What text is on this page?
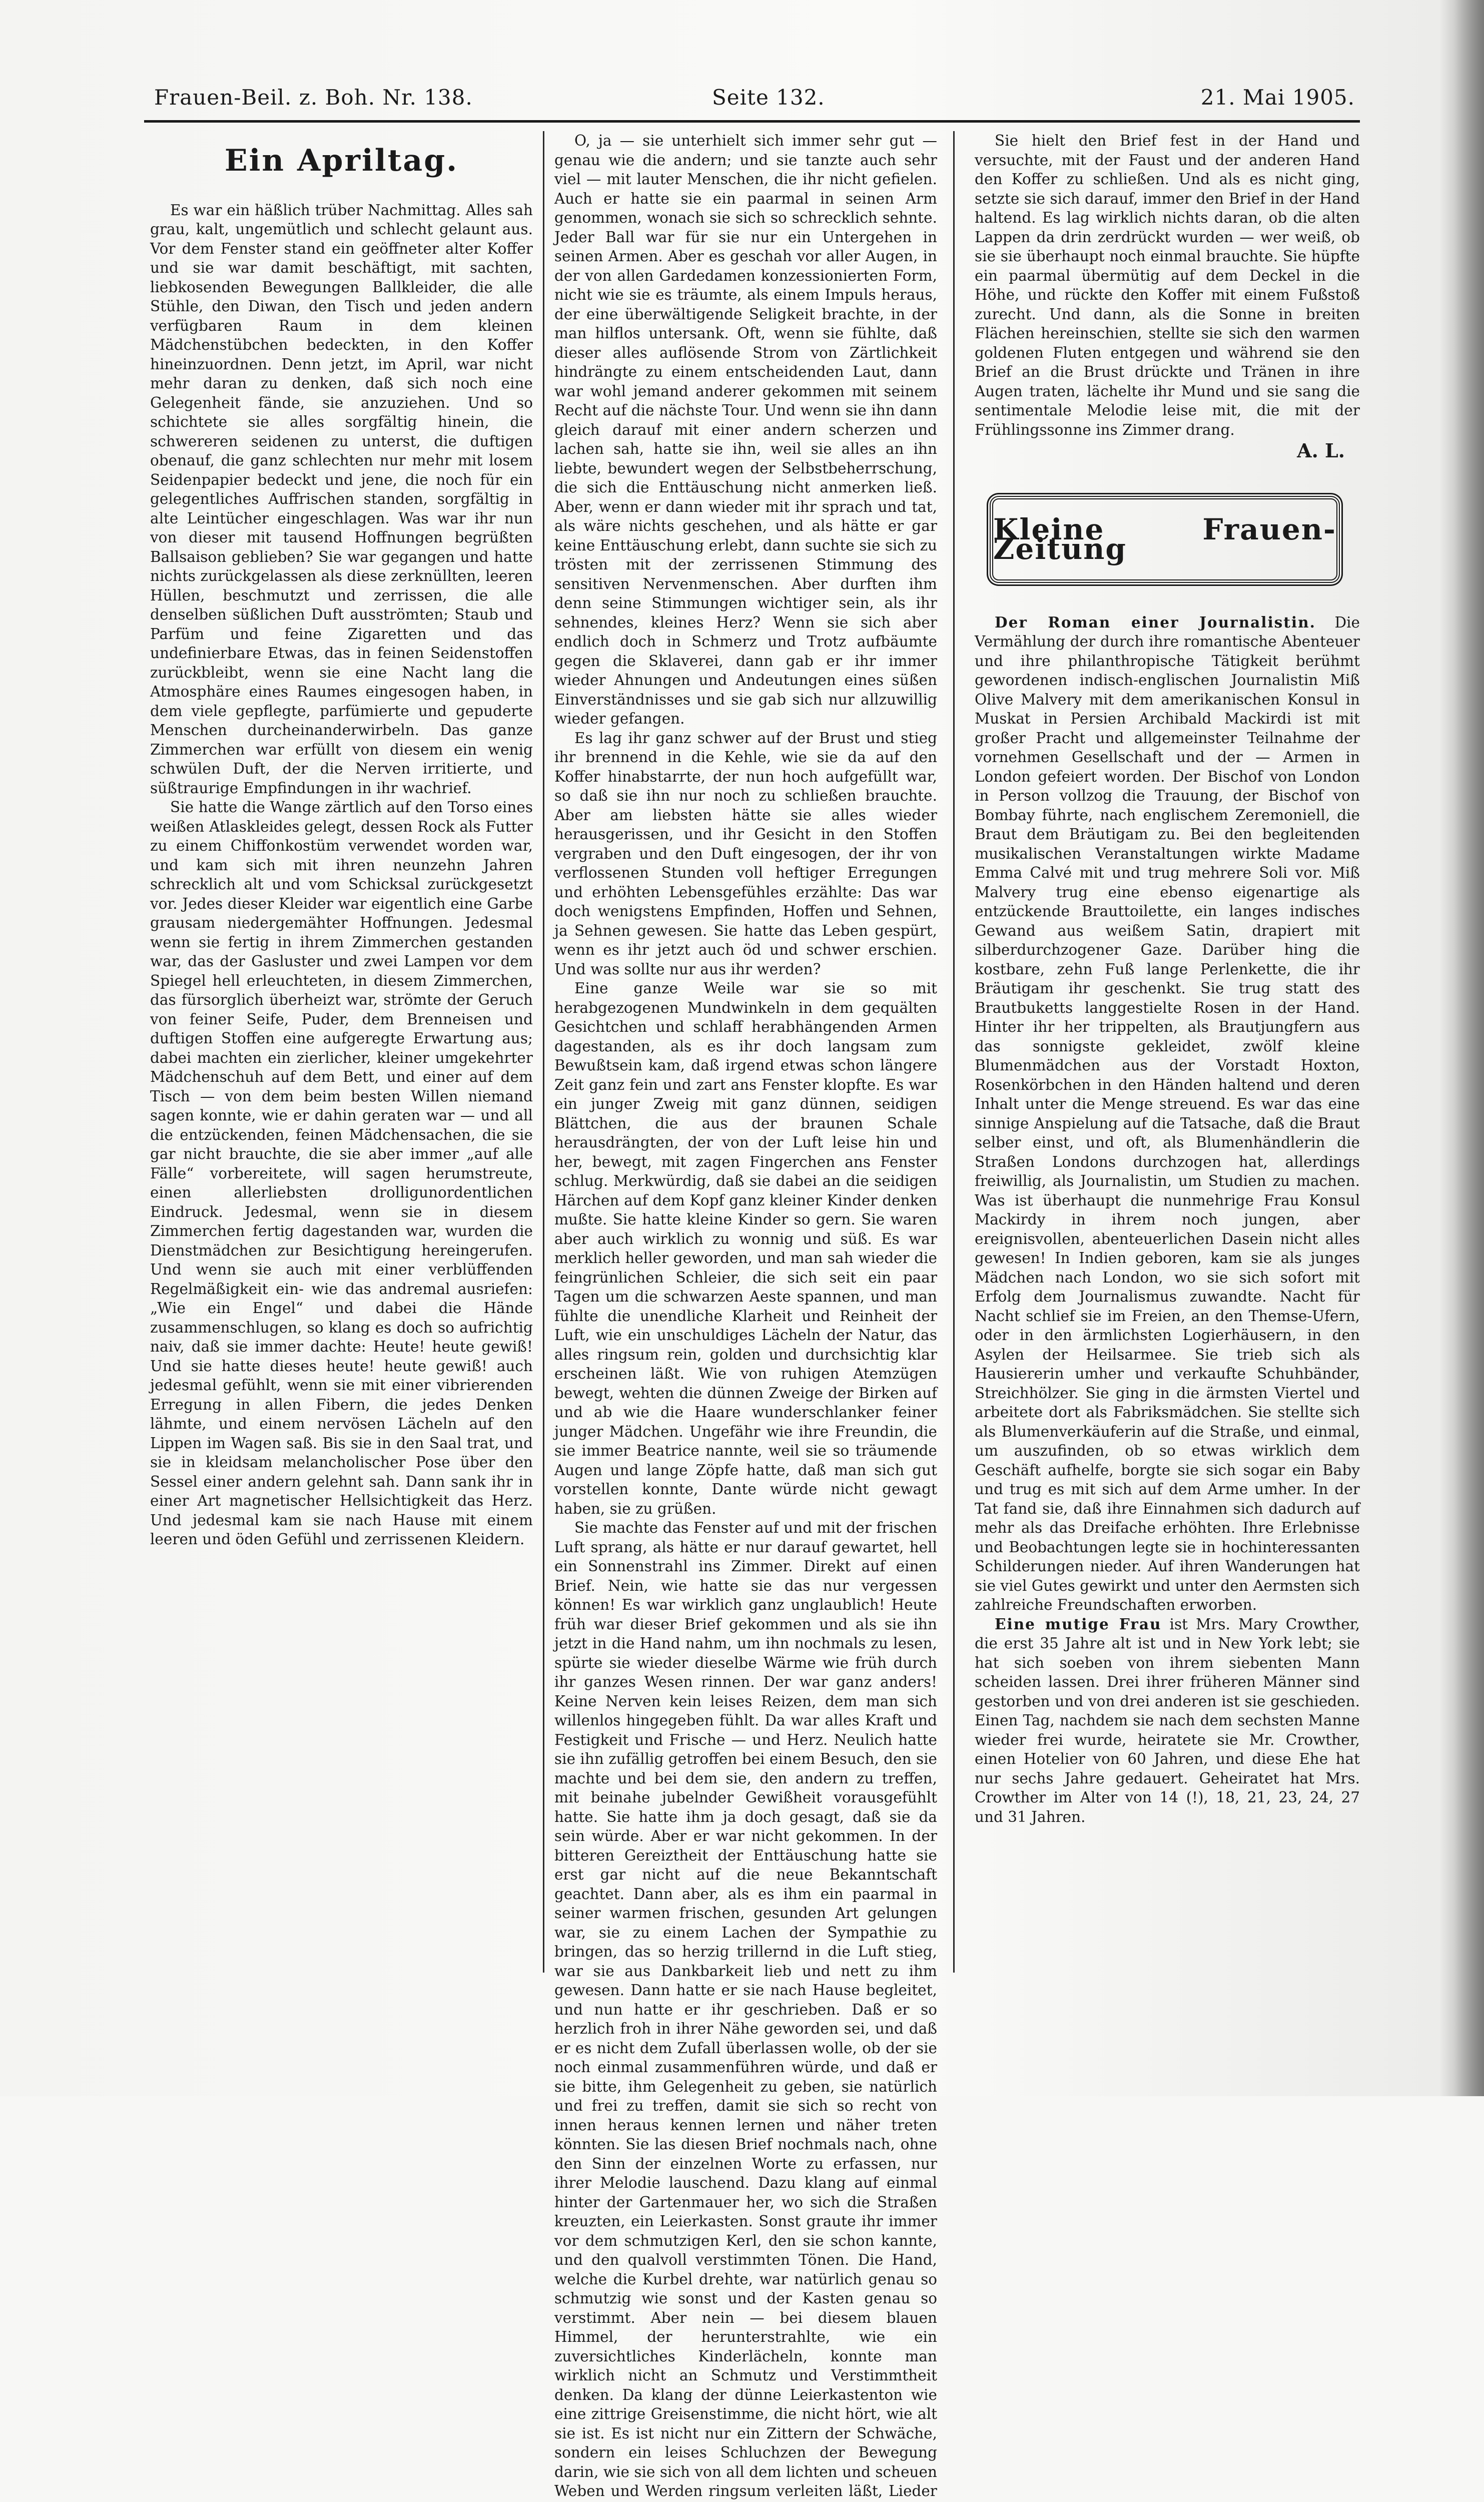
Frauen-Beil. z. Boh. Nr. 138.	Seite 132.	21. Mai 1905.
Ein Apriltag.

Es war ein häßlich trüber Nachmittag. Alles sah grau, kalt, ungemütlich und schlecht gelaunt aus. Vor dem Fenster stand ein geöffneter alter Koffer und sie war damit beschäftigt, mit sachten, liebkosenden Bewegungen Ballkleider, die alle Stühle, den Diwan, den Tisch und jeden andern verfügbaren Raum in dem kleinen Mädchenstübchen bedeckten, in den Koffer hineinzuordnen. Denn jetzt, im April, war nicht mehr daran zu denken, daß sich noch eine Gelegenheit fände, sie anzuziehen. Und so schichtete sie alles sorgfältig hinein, die schwereren seidenen zu unterst, die duftigen obenauf, die ganz schlechten nur mehr mit losem Seidenpapier bedeckt und jene, die noch für ein gelegentliches Auffrischen standen, sorgfältig in alte Leintücher eingeschlagen. Was war ihr nun von dieser mit tausend Hoffnungen begrüßten Ballsaison geblieben? Sie war gegangen und hatte nichts zurückgelassen als diese zerknüllten, leeren Hüllen, beschmutzt und zerrissen, die alle denselben süßlichen Duft ausströmten; Staub und Parfüm und feine Zigaretten und das undefinierbare Etwas, das in feinen Seidenstoffen zurückbleibt, wenn sie eine Nacht lang die Atmosphäre eines Raumes eingesogen haben, in dem viele gepflegte, parfümierte und gepuderte Menschen durcheinanderwirbeln. Das ganze Zimmerchen war erfüllt von diesem ein wenig schwülen Duft, der die Nerven irritierte, und süßtraurige Empfindungen in ihr wachrief.

Sie hatte die Wange zärtlich auf den Torso eines weißen Atlaskleides gelegt, dessen Rock als Futter zu einem Chiffonkostüm verwendet worden war, und kam sich mit ihren neunzehn Jahren schrecklich alt und vom Schicksal zurückgesetzt vor. Jedes dieser Kleider war eigentlich eine Garbe grausam niedergemähter Hoffnungen. Jedesmal wenn sie fertig in ihrem Zimmerchen gestanden war, das der Gasluster und zwei Lampen vor dem Spiegel hell erleuchteten, in diesem Zimmerchen, das fürsorglich überheizt war, strömte der Geruch von feiner Seife, Puder, dem Brenneisen und duftigen Stoffen eine aufgeregte Erwartung aus; dabei machten ein zierlicher, kleiner umgekehrter Mädchenschuh auf dem Bett, und einer auf dem Tisch — von dem beim besten Willen niemand sagen konnte, wie er dahin geraten war — und all die entzückenden, feinen Mädchensachen, die sie gar nicht brauchte, die sie aber immer „auf alle Fälle“ vorbereitete, will sagen herumstreute, einen allerliebsten drolligunordentlichen Eindruck. Jedesmal, wenn sie in diesem Zimmerchen fertig dagestanden war, wurden die Dienstmädchen zur Besichtigung hereingerufen. Und wenn sie auch mit einer verblüffenden Regelmäßigkeit ein- wie das andremal ausriefen: „Wie ein Engel“ und dabei die Hände zusammenschlugen, so klang es doch so aufrichtig naiv, daß sie immer dachte: Heute! heute gewiß! Und sie hatte dieses heute! heute gewiß! auch jedesmal gefühlt, wenn sie mit einer vibrierenden Erregung in allen Fibern, die jedes Denken lähmte, und einem nervösen Lächeln auf den Lippen im Wagen saß. Bis sie in den Saal trat, und sie in kleidsam melancholischer Pose über den Sessel einer andern gelehnt sah. Dann sank ihr in einer Art magnetischer Hellsichtigkeit das Herz. Und jedesmal kam sie nach Hause mit einem leeren und öden Gefühl und zerrissenen Kleidern.

O, ja — sie unterhielt sich immer sehr gut — genau wie die andern; und sie tanzte auch sehr viel — mit lauter Menschen, die ihr nicht gefielen. Auch er hatte sie ein paarmal in seinen Arm genommen, wonach sie sich so schrecklich sehnte. Jeder Ball war für sie nur ein Untergehen in seinen Armen. Aber es geschah vor aller Augen, in der von allen Gardedamen konzessionierten Form, nicht wie sie es träumte, als einem Impuls heraus, der eine überwältigende Seligkeit brachte, in der man hilflos untersank. Oft, wenn sie fühlte, daß dieser alles auflösende Strom von Zärtlichkeit hindrängte zu einem entscheidenden Laut, dann war wohl jemand anderer gekommen mit seinem Recht auf die nächste Tour. Und wenn sie ihn dann gleich darauf mit einer andern scherzen und lachen sah, hatte sie ihn, weil sie alles an ihn liebte, bewundert wegen der Selbstbeherrschung, die sich die Enttäuschung nicht anmerken ließ. Aber, wenn er dann wieder mit ihr sprach und tat, als wäre nichts geschehen, und als hätte er gar keine Enttäuschung erlebt, dann suchte sie sich zu trösten mit der zerrissenen Stimmung des sensitiven Nervenmenschen. Aber durften ihm denn seine Stimmungen wichtiger sein, als ihr sehnendes, kleines Herz? Wenn sie sich aber endlich doch in Schmerz und Trotz aufbäumte gegen die Sklaverei, dann gab er ihr immer wieder Ahnungen und Andeutungen eines süßen Einverständnisses und sie gab sich nur allzuwillig wieder gefangen.

Es lag ihr ganz schwer auf der Brust und stieg ihr brennend in die Kehle, wie sie da auf den Koffer hinabstarrte, der nun hoch aufgefüllt war, so daß sie ihn nur noch zu schließen brauchte. Aber am liebsten hätte sie alles wieder herausgerissen, und ihr Gesicht in den Stoffen vergraben und den Duft eingesogen, der ihr von verflossenen Stunden voll heftiger Erregungen und erhöhten Lebensgefühles erzählte: Das war doch wenigstens Empfinden, Hoffen und Sehnen, ja Sehnen gewesen. Sie hatte das Leben gespürt, wenn es ihr jetzt auch öd und schwer erschien. Und was sollte nur aus ihr werden?

Eine ganze Weile war sie so mit herabgezogenen Mundwinkeln in dem gequälten Gesichtchen und schlaff herabhängenden Armen dagestanden, als es ihr doch langsam zum Bewußtsein kam, daß irgend etwas schon längere Zeit ganz fein und zart ans Fenster klopfte. Es war ein junger Zweig mit ganz dünnen, seidigen Blättchen, die aus der braunen Schale herausdrängten, der von der Luft leise hin und her, bewegt, mit zagen Fingerchen ans Fenster schlug. Merkwürdig, daß sie dabei an die seidigen Härchen auf dem Kopf ganz kleiner Kinder denken mußte. Sie hatte kleine Kinder so gern. Sie waren aber auch wirklich zu wonnig und süß. Es war merklich heller geworden, und man sah wieder die feingrünlichen Schleier, die sich seit ein paar Tagen um die schwarzen Aeste spannen, und man fühlte die unendliche Klarheit und Reinheit der Luft, wie ein unschuldiges Lächeln der Natur, das alles ringsum rein, golden und durchsichtig klar erscheinen läßt. Wie von ruhigen Atemzügen bewegt, wehten die dünnen Zweige der Birken auf und ab wie die Haare wunderschlanker feiner junger Mädchen. Ungefähr wie ihre Freundin, die sie immer Beatrice nannte, weil sie so träumende Augen und lange Zöpfe hatte, daß man sich gut vorstellen konnte, Dante würde nicht gewagt haben, sie zu grüßen.

Sie machte das Fenster auf und mit der frischen Luft sprang, als hätte er nur darauf gewartet, hell ein Sonnenstrahl ins Zimmer. Direkt auf einen Brief. Nein, wie hatte sie das nur vergessen können! Es war wirklich ganz unglaublich! Heute früh war dieser Brief gekommen und als sie ihn jetzt in die Hand nahm, um ihn nochmals zu lesen, spürte sie wieder dieselbe Wärme wie früh durch ihr ganzes Wesen rinnen. Der war ganz anders! Keine Nerven kein leises Reizen, dem man sich willenlos hingegeben fühlt. Da war alles Kraft und Festigkeit und Frische — und Herz. Neulich hatte sie ihn zufällig getroffen bei einem Besuch, den sie machte und bei dem sie, den andern zu treffen, mit beinahe jubelnder Gewißheit vorausgefühlt hatte. Sie hatte ihm ja doch gesagt, daß sie da sein würde. Aber er war nicht gekommen. In der bitteren Gereiztheit der Enttäuschung hatte sie erst gar nicht auf die neue Bekanntschaft geachtet. Dann aber, als es ihm ein paarmal in seiner warmen frischen, gesunden Art gelungen war, sie zu einem Lachen der Sympathie zu bringen, das so herzig trillernd in die Luft stieg, war sie aus Dankbarkeit lieb und nett zu ihm gewesen. Dann hatte er sie nach Hause begleitet, und nun hatte er ihr geschrieben. Daß er so herzlich froh in ihrer Nähe geworden sei, und daß er es nicht dem Zufall überlassen wolle, ob der sie noch einmal zusammenführen würde, und daß er sie bitte, ihm Gelegenheit zu geben, sie natürlich und frei zu treffen, damit sie sich so recht von innen heraus kennen lernen und näher treten könnten. Sie las diesen Brief nochmals nach, ohne den Sinn der einzelnen Worte zu erfassen, nur ihrer Melodie lauschend. Dazu klang auf einmal hinter der Gartenmauer her, wo sich die Straßen kreuzten, ein Leierkasten. Sonst graute ihr immer vor dem schmutzigen Kerl, den sie schon kannte, und den qualvoll verstimmten Tönen. Die Hand, welche die Kurbel drehte, war natürlich genau so schmutzig wie sonst und der Kasten genau so verstimmt. Aber nein — bei diesem blauen Himmel, der herunterstrahlte, wie ein zuversichtliches Kinderlächeln, konnte man wirklich nicht an Schmutz und Verstimmtheit denken. Da klang der dünne Leierkastenton wie eine zittrige Greisenstimme, die nicht hört, wie alt sie ist. Es ist nicht nur ein Zittern der Schwäche, sondern ein leises Schluchzen der Bewegung darin, wie sie sich von all dem lichten und scheuen Weben und Werden ringsum verleiten läßt, Lieder

Sie hielt den Brief fest in der Hand und versuchte, mit der Faust und der anderen Hand den Koffer zu schließen. Und als es nicht ging, setzte sie sich darauf, immer den Brief in der Hand haltend. Es lag wirklich nichts daran, ob die alten Lappen da drin zerdrückt wurden — wer weiß, ob sie sie überhaupt noch einmal brauchte. Sie hüpfte ein paarmal übermütig auf dem Deckel in die Höhe, und rückte den Koffer mit einem Fußstoß zurecht. Und dann, als die Sonne in breiten Flächen hereinschien, stellte sie sich den warmen goldenen Fluten entgegen und während sie den Brief an die Brust drückte und Tränen in ihre Augen traten, lächelte ihr Mund und sie sang die sentimentale Melodie leise mit, die mit der Frühlingssonne ins Zimmer drang.

A. L.
Kleine Frauen-Zeitung

Der Roman einer Journalistin. Die Vermählung der durch ihre romantische Abenteuer und ihre philanthropische Tätigkeit berühmt gewordenen indisch-englischen Journalistin Miß Olive Malvery mit dem amerikanischen Konsul in Muskat in Persien Archibald Mackirdi ist mit großer Pracht und allgemeinster Teilnahme der vornehmen Gesellschaft und der — Armen in London gefeiert worden. Der Bischof von London in Person vollzog die Trauung, der Bischof von Bombay führte, nach englischem Zeremoniell, die Braut dem Bräutigam zu. Bei den begleitenden musikalischen Veranstaltungen wirkte Madame Emma Calvé mit und trug mehrere Soli vor. Miß Malvery trug eine ebenso eigenartige als entzückende Brauttoilette, ein langes indisches Gewand aus weißem Satin, drapiert mit silberdurchzogener Gaze. Darüber hing die kostbare, zehn Fuß lange Perlenkette, die ihr Bräutigam ihr geschenkt. Sie trug statt des Brautbuketts langgestielte Rosen in der Hand. Hinter ihr her trippelten, als Brautjungfern aus das sonnigste gekleidet, zwölf kleine Blumenmädchen aus der Vorstadt Hoxton, Rosenkörbchen in den Händen haltend und deren Inhalt unter die Menge streuend. Es war das eine sinnige Anspielung auf die Tatsache, daß die Braut selber einst, und oft, als Blumenhändlerin die Straßen Londons durchzogen hat, allerdings freiwillig, als Journalistin, um Studien zu machen. Was ist überhaupt die nunmehrige Frau Konsul Mackirdy in ihrem noch jungen, aber ereignisvollen, abenteuerlichen Dasein nicht alles gewesen! In Indien geboren, kam sie als junges Mädchen nach London, wo sie sich sofort mit Erfolg dem Journalismus zuwandte. Nacht für Nacht schlief sie im Freien, an den Themse-Ufern, oder in den ärmlichsten Logierhäusern, in den Asylen der Heilsarmee. Sie trieb sich als Hausiererin umher und verkaufte Schuhbänder, Streichhölzer. Sie ging in die ärmsten Viertel und arbeitete dort als Fabriksmädchen. Sie stellte sich als Blumenverkäuferin auf die Straße, und einmal, um auszufinden, ob so etwas wirklich dem Geschäft aufhelfe, borgte sie sich sogar ein Baby und trug es mit sich auf dem Arme umher. In der Tat fand sie, daß ihre Einnahmen sich dadurch auf mehr als das Dreifache erhöhten. Ihre Erlebnisse und Beobachtungen legte sie in hochinteressanten Schilderungen nieder. Auf ihren Wanderungen hat sie viel Gutes gewirkt und unter den Aermsten sich zahlreiche Freundschaften erworben.

Eine mutige Frau ist Mrs. Mary Crowther, die erst 35 Jahre alt ist und in New York lebt; sie hat sich soeben von ihrem siebenten Mann scheiden lassen. Drei ihrer früheren Männer sind gestorben und von drei anderen ist sie geschieden. Einen Tag, nachdem sie nach dem sechsten Manne wieder frei wurde, heiratete sie Mr. Crowther, einen Hotelier von 60 Jahren, und diese Ehe hat nur sechs Jahre gedauert. Geheiratet hat Mrs. Crowther im Alter von 14 (!), 18, 21, 23, 24, 27 und 31 Jahren.
